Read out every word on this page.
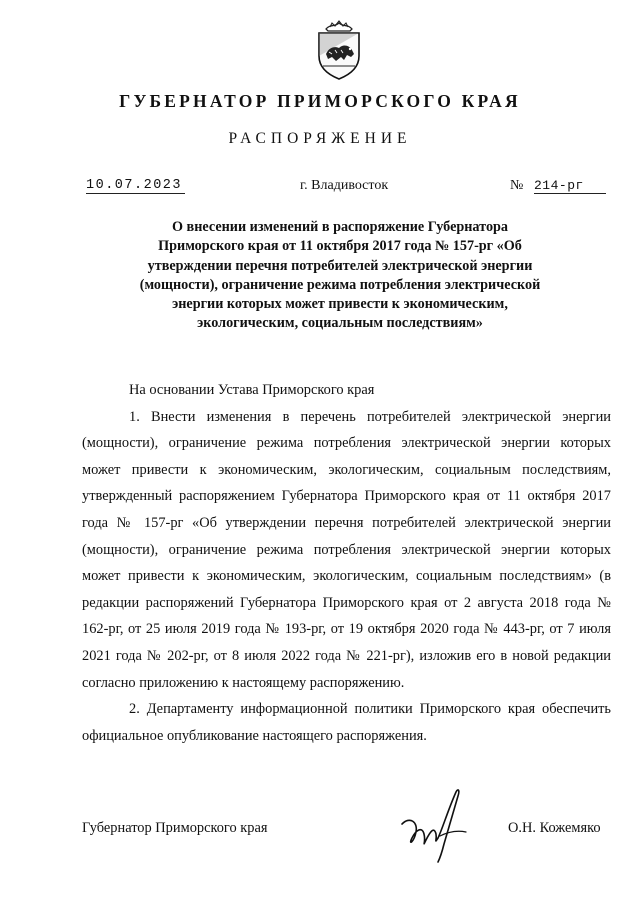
ГУБЕРНАТОР ПРИМОРСКОГО КРАЯ
РАСПОРЯЖЕНИЕ
10.07.2023	г. Владивосток	№ 214-рг

О внесении изменений в распоряжение Губернатора Приморского края от 11 октября 2017 года № 157-рг «Об утверждении перечня потребителей электрической энергии (мощности), ограничение режима потребления электрической энергии которых может привести к экономическим, экологическим, социальным последствиям»

На основании Устава Приморского края

1. Внести изменения в перечень потребителей электрической энергии (мощности), ограничение режима потребления электрической энергии которых может привести к экономическим, экологическим, социальным последствиям, утвержденный распоряжением Губернатора Приморского края от 11 октября 2017 года № 157-рг «Об утверждении перечня потребителей электрической энергии (мощности), ограничение режима потребления электрической энергии которых может привести к экономическим, экологическим, социальным последствиям» (в редакции распоряжений Губернатора Приморского края от 2 августа 2018 года № 162-рг, от 25 июля 2019 года № 193-рг, от 19 октября 2020 года № 443-рг, от 7 июля 2021 года № 202-рг, от 8 июля 2022 года № 221-рг), изложив его в новой редакции согласно приложению к настоящему распоряжению.

2. Департаменту информационной политики Приморского края обеспечить официальное опубликование настоящего распоряжения.

Губернатор Приморского края	О.Н. Кожемяко
